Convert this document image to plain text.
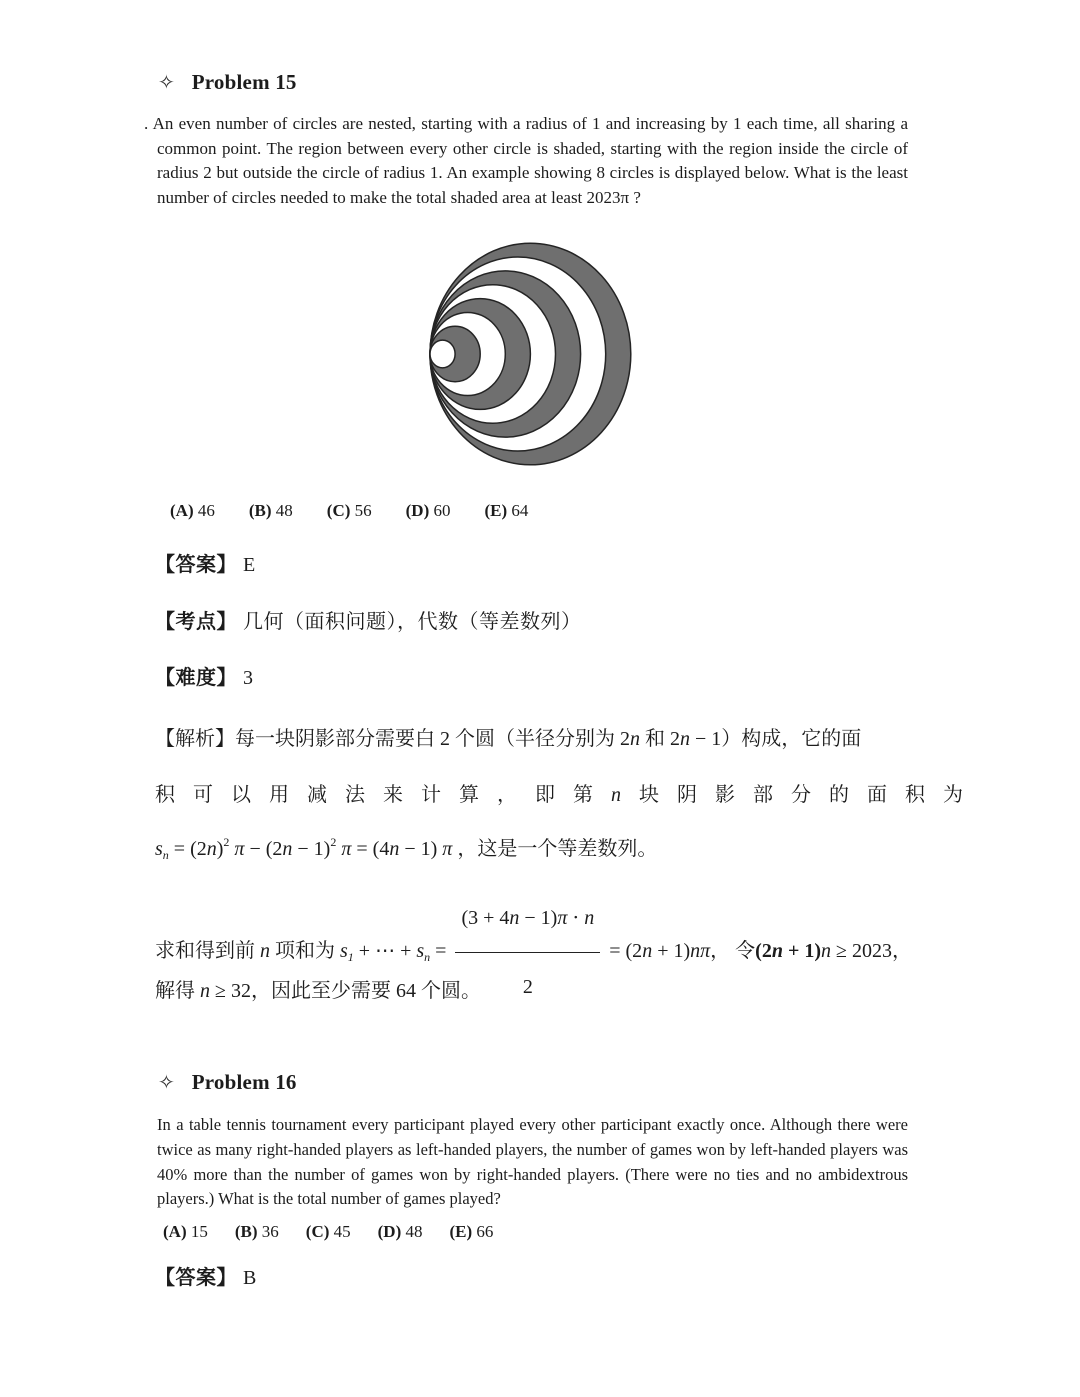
✧ Problem 15

. An even number of circles are nested, starting with a radius of 1 and increasing by 1 each time, all sharing a common point. The region between every other circle is shaded, starting with the region inside the circle of radius 2 but outside the circle of radius 1. An example showing 8 circles is displayed below. What is the least number of circles needed to make the total shaded area at least 2023π ?

(A) 46 (B) 48 (C) 56 (D) 60 (E) 64
【答案】 E
【考点】 几何（面积问题），代数（等差数列）
【难度】 3
【解析】每一块阴影部分需要白 2 个圆（半径分别为 2n 和 2n − 1）构成，它的面
积 可 以 用 减 法 来 计 算 ， 即 第 n 块 阴 影 部 分 的 面 积 为
$s_n = (2n)^2$ $\pi - (2n - 1)^2$ π = (4n − 1) π ，这是一个等差数列。
求和得到前 n 项和为 $s_1$ + ⋯ + $s_n = \frac{(3 + 4n - 1)\pi \cdot n}{2} = (2n + 1)n\pi$， 令(2n + 1)n ≥ 2023，
解得 n ≥ 32，因此至少需要 64 个圆。
✧ Problem 16

In a table tennis tournament every participant played every other participant exactly once. Although there were twice as many right-handed players as left-handed players, the number of games won by left-handed players was 40% more than the number of games won by right-handed players. (There were no ties and no ambidextrous players.) What is the total number of games played?

(A) 15 (B) 36 (C) 45 (D) 48 (E) 66
【答案】 B
